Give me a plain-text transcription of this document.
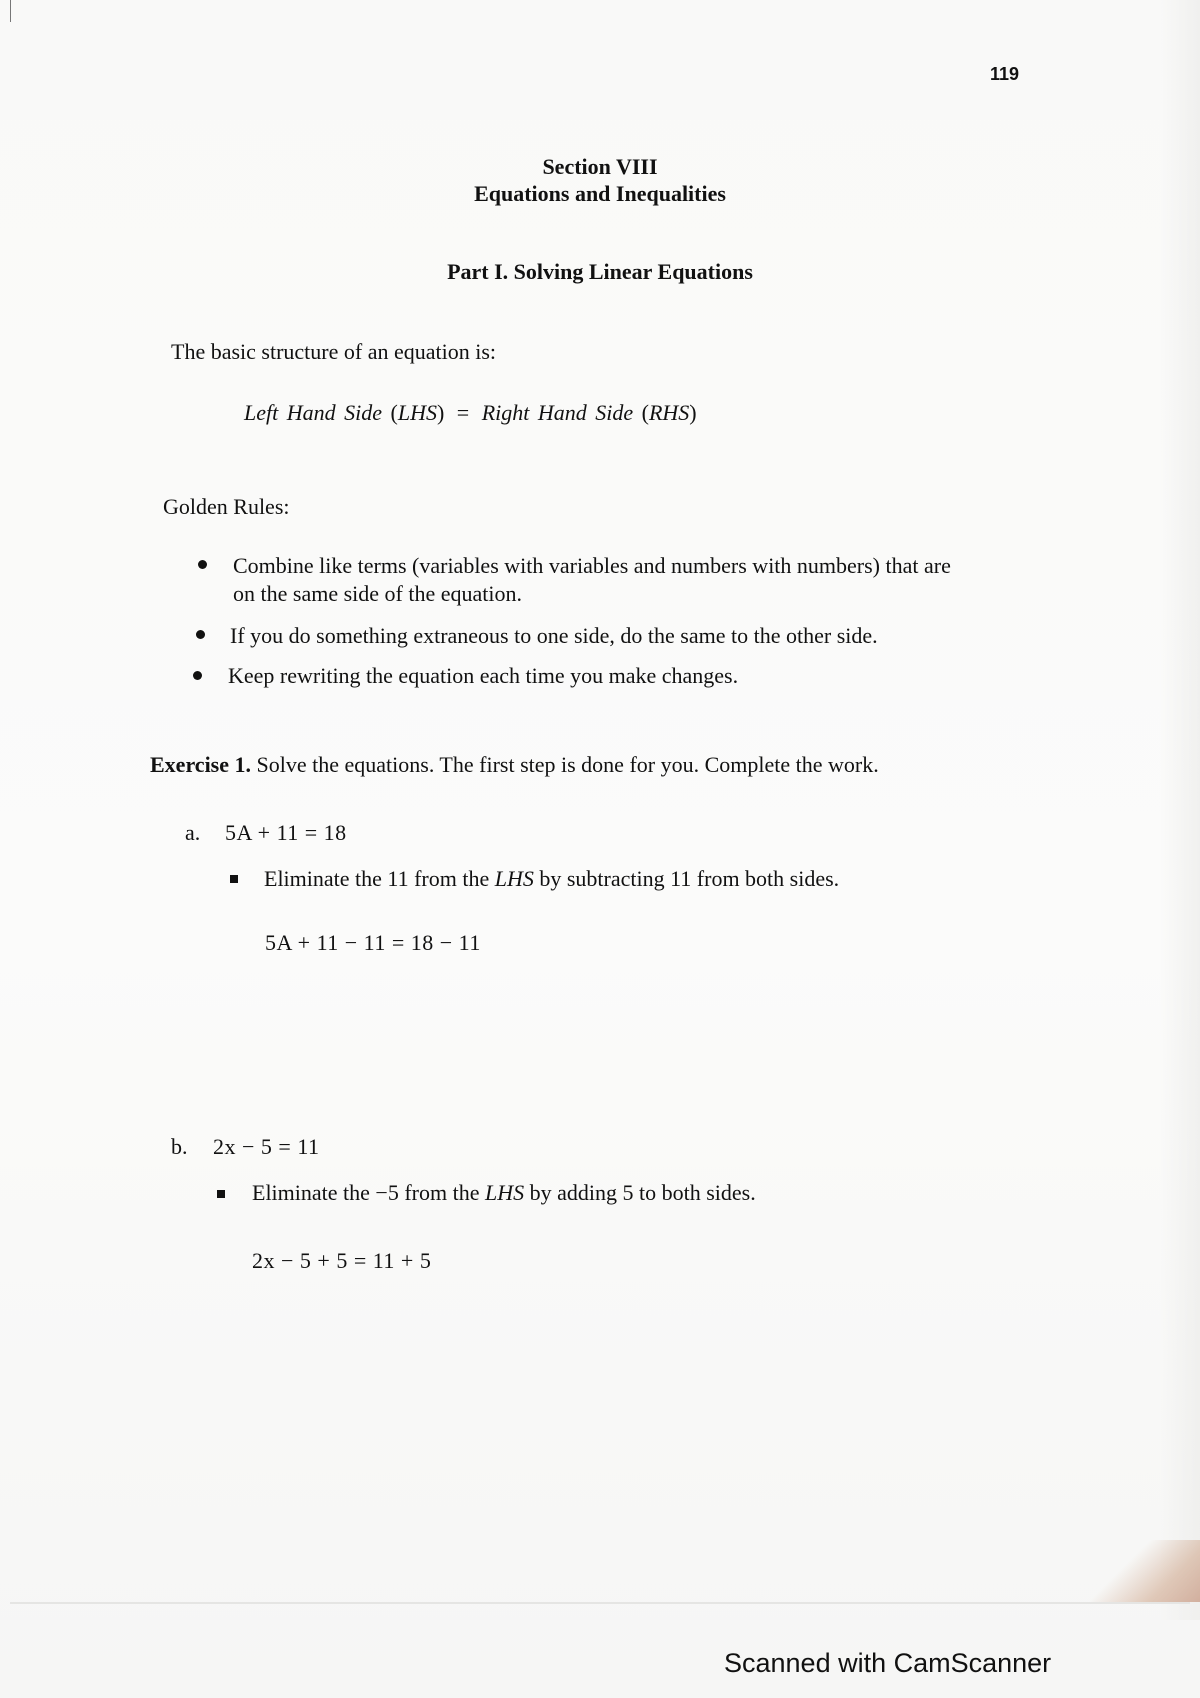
119
Section VIII
Equations and Inequalities
Part I. Solving Linear Equations
The basic structure of an equation is:
Left Hand Side (LHS) = Right Hand Side (RHS)
Golden Rules:
Combine like terms (variables with variables and numbers with numbers) that are
on the same side of the equation.
If you do something extraneous to one side, do the same to the other side.
Keep rewriting the equation each time you make changes.
Exercise 1. Solve the equations. The first step is done for you. Complete the work.
a. 5A + 11 = 18
Eliminate the 11 from the LHS by subtracting 11 from both sides.
5A + 11 − 11 = 18 − 11
b. 2x − 5 = 11
Eliminate the −5 from the LHS by adding 5 to both sides.
2x − 5 + 5 = 11 + 5
Scanned with CamScanner
